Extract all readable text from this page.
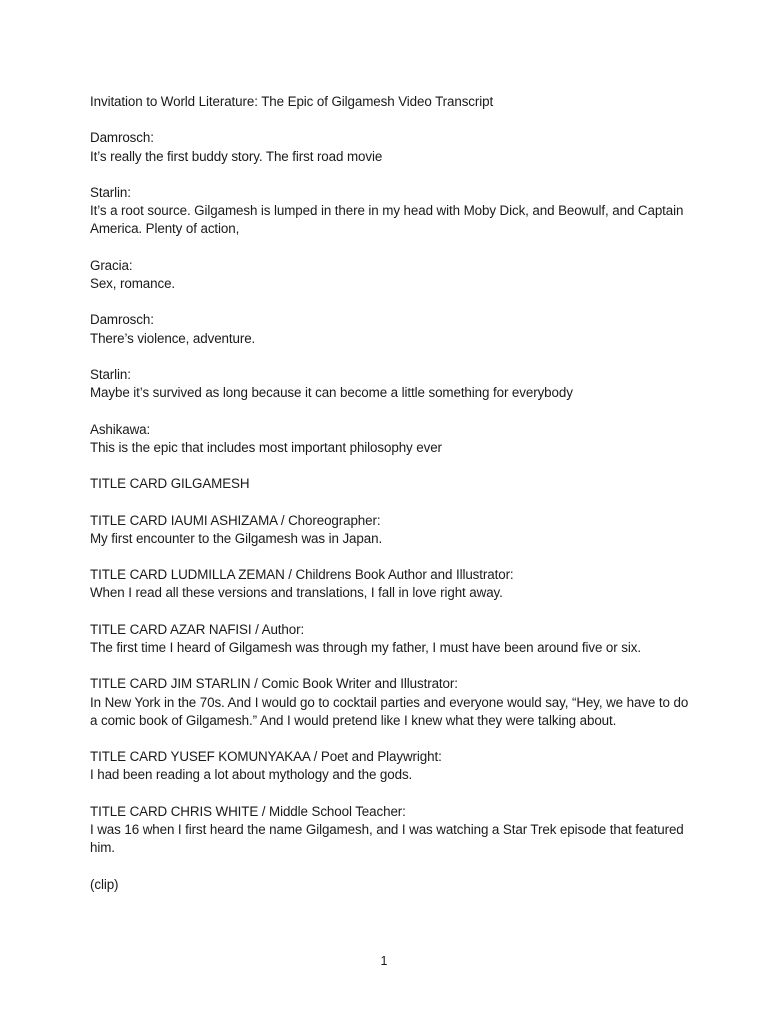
Invitation to World Literature: The Epic of Gilgamesh Video Transcript
Damrosch:
It’s really the first buddy story. The first road movie
Starlin:
It’s a root source. Gilgamesh is lumped in there in my head with Moby Dick, and Beowulf, and Captain America. Plenty of action,
Gracia:
Sex, romance.
Damrosch:
There’s violence, adventure.
Starlin:
Maybe it’s survived as long because it can become a little something for everybody
Ashikawa:
This is the epic that includes most important philosophy ever
TITLE CARD GILGAMESH
TITLE CARD IAUMI ASHIZAMA / Choreographer:
My first encounter to the Gilgamesh was in Japan.
TITLE CARD LUDMILLA ZEMAN / Childrens Book Author and Illustrator:
When I read all these versions and translations, I fall in love right away.
TITLE CARD AZAR NAFISI / Author:
The first time I heard of Gilgamesh was through my father, I must have been around five or six.
TITLE CARD JIM STARLIN / Comic Book Writer and Illustrator:
In New York in the 70s. And I would go to cocktail parties and everyone would say, “Hey, we have to do a comic book of Gilgamesh.” And I would pretend like I knew what they were talking about.
TITLE CARD YUSEF KOMUNYAKAA / Poet and Playwright:
I had been reading a lot about mythology and the gods.
TITLE CARD CHRIS WHITE / Middle School Teacher:
I was 16 when I first heard the name Gilgamesh, and I was watching a Star Trek episode that featured him.
(clip)
1
